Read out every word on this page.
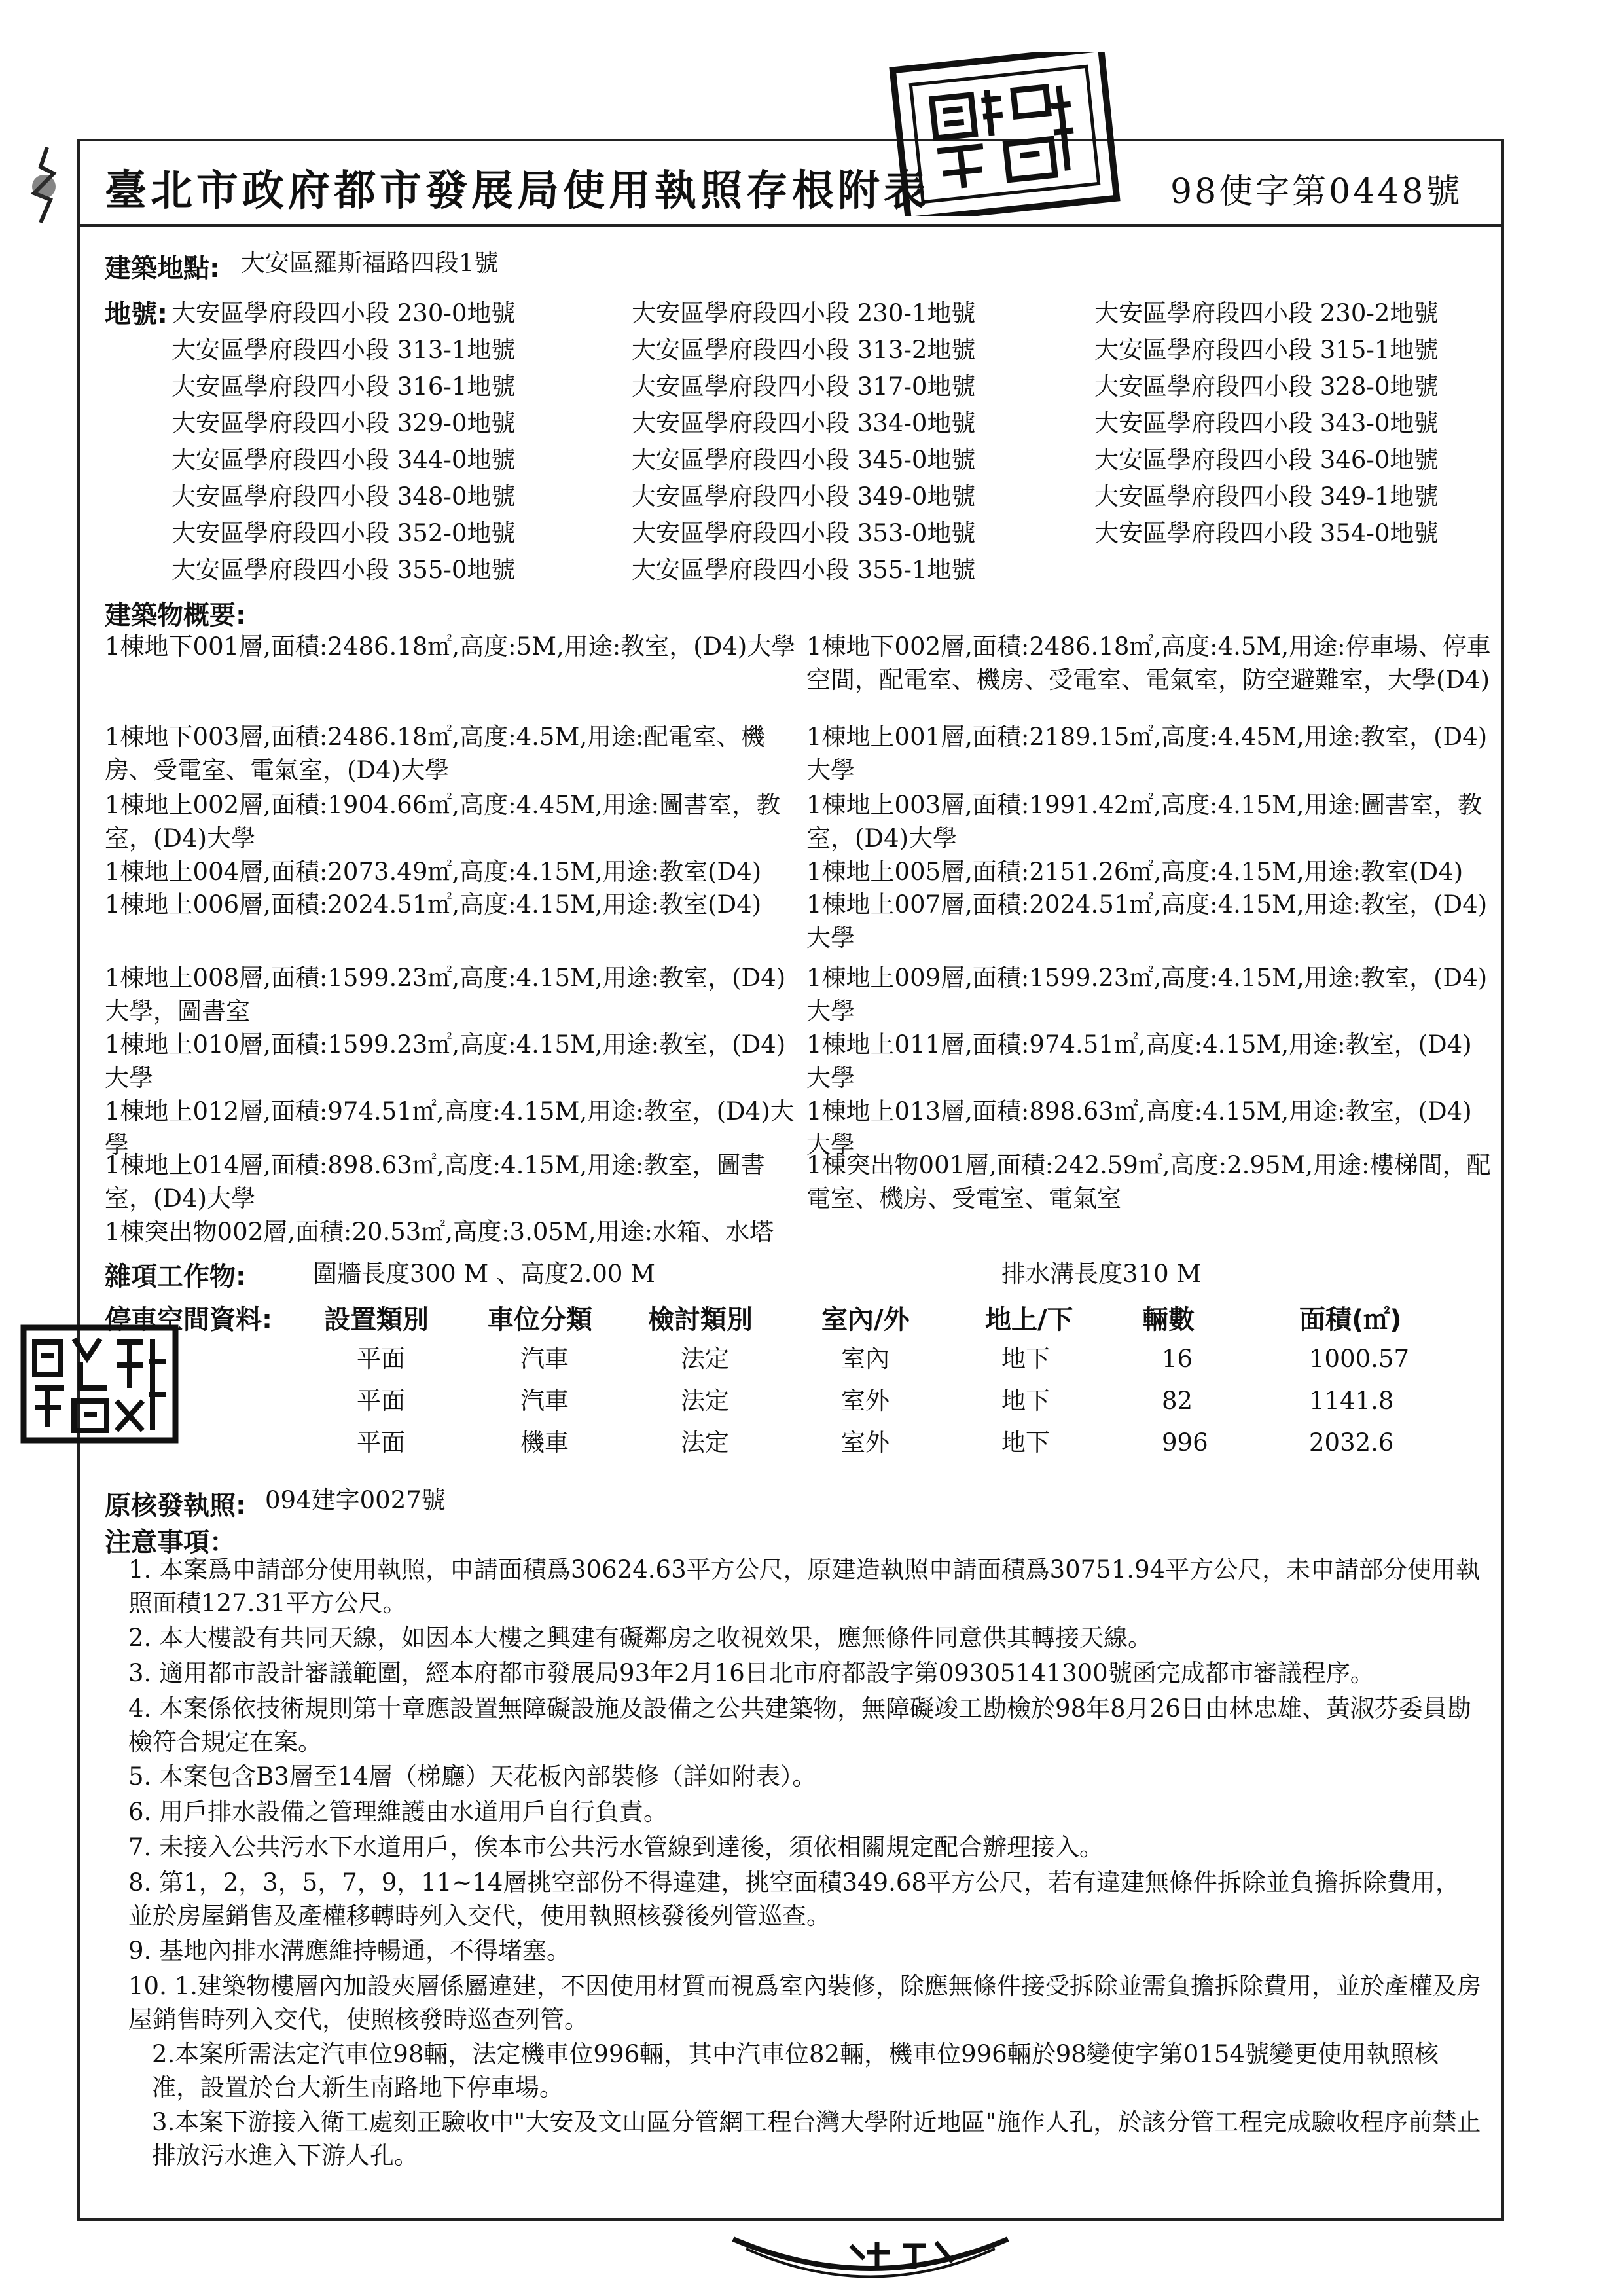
臺北市政府都市發展局使用執照存根附表	98使字第0448號
建築地點: 大安區羅斯福路四段1號
地號: 大安區學府段四小段 230-0地號	大安區學府段四小段 230-1地號	大安區學府段四小段 230-2地號
大安區學府段四小段 313-1地號	大安區學府段四小段 313-2地號	大安區學府段四小段 315-1地號
大安區學府段四小段 316-1地號	大安區學府段四小段 317-0地號	大安區學府段四小段 328-0地號
大安區學府段四小段 329-0地號	大安區學府段四小段 334-0地號	大安區學府段四小段 343-0地號
大安區學府段四小段 344-0地號	大安區學府段四小段 345-0地號	大安區學府段四小段 346-0地號
大安區學府段四小段 348-0地號	大安區學府段四小段 349-0地號	大安區學府段四小段 349-1地號
大安區學府段四小段 352-0地號	大安區學府段四小段 353-0地號	大安區學府段四小段 354-0地號
大安區學府段四小段 355-0地號	大安區學府段四小段 355-1地號
建築物概要:
1棟地下001層,面積:2486.18㎡,高度:5M,用途:教室，(D4)大學 1棟地下002層,面積:2486.18㎡,高度:4.5M,用途:停車場、停車空間，配電室、機房、受電室、電氣室，防空避難室，大學(D4)
1棟地下003層,面積:2486.18㎡,高度:4.5M,用途:配電室、機房、受電室、電氣室，(D4)大學
1棟地上001層,面積:2189.15㎡,高度:4.45M,用途:教室，(D4)大學
1棟地上002層,面積:1904.66㎡,高度:4.45M,用途:圖書室，教室，(D4)大學
1棟地上003層,面積:1991.42㎡,高度:4.15M,用途:圖書室，教室，(D4)大學
1棟地上004層,面積:2073.49㎡,高度:4.15M,用途:教室(D4)	1棟地上005層,面積:2151.26㎡,高度:4.15M,用途:教室(D4)
1棟地上006層,面積:2024.51㎡,高度:4.15M,用途:教室(D4)	1棟地上007層,面積:2024.51㎡,高度:4.15M,用途:教室，(D4)大學
1棟地上008層,面積:1599.23㎡,高度:4.15M,用途:教室，(D4)大學，圖書室
1棟地上009層,面積:1599.23㎡,高度:4.15M,用途:教室，(D4)大學
1棟地上010層,面積:1599.23㎡,高度:4.15M,用途:教室，(D4)大學
1棟地上011層,面積:974.51㎡,高度:4.15M,用途:教室，(D4)大學
1棟地上012層,面積:974.51㎡,高度:4.15M,用途:教室，(D4)大學
1棟地上013層,面積:898.63㎡,高度:4.15M,用途:教室，(D4)大學
1棟地上014層,面積:898.63㎡,高度:4.15M,用途:教室，圖書室，(D4)大學
1棟突出物001層,面積:242.59㎡,高度:2.95M,用途:樓梯間，配電室、機房、受電室、電氣室
1棟突出物002層,面積:20.53㎡,高度:3.05M,用途:水箱、水塔
雜項工作物:	圍牆長度300 M 、高度2.00 M	排水溝長度310 M
停車空間資料: 設置類別 車位分類 檢討類別	室內/外	地上/下	輛數	面積(㎡)
平面	汽車	法定	室內	地下	16	1000.57
平面	汽車	法定	室外	地下	82	1141.8
平面	機車	法定	室外	地下	996	2032.6
原核發執照: 094建字0027號
注意事項：
1. 本案爲申請部分使用執照，申請面積爲30624.63平方公尺，原建造執照申請面積爲30751.94平方公尺，未申請部分使用執照面積127.31平方公尺。
2. 本大樓設有共同天線，如因本大樓之興建有礙鄰房之收視效果，應無條件同意供其轉接天線。
3. 適用都市設計審議範圍，經本府都市發展局93年2月16日北市府都設字第09305141300號函完成都市審議程序。
4. 本案係依技術規則第十章應設置無障礙設施及設備之公共建築物，無障礙竣工勘檢於98年8月26日由林忠雄、黃淑芬委員勘檢符合規定在案。
5. 本案包含B3層至14層（梯廳）天花板內部裝修（詳如附表）。
6. 用戶排水設備之管理維護由水道用戶自行負責。
7. 未接入公共污水下水道用戶，俟本市公共污水管線到達後，須依相關規定配合辦理接入。
8. 第1，2，3，5，7，9，11~14層挑空部份不得違建，挑空面積349.68平方公尺，若有違建無條件拆除並負擔拆除費用，並於房屋銷售及產權移轉時列入交代，使用執照核發後列管巡查。
9. 基地內排水溝應維持暢通，不得堵塞。
10. 1.建築物樓層內加設夾層係屬違建，不因使用材質而視爲室內裝修，除應無條件接受拆除並需負擔拆除費用，並於產權及房屋銷售時列入交代，使照核發時巡查列管。
2.本案所需法定汽車位98輛，法定機車位996輛，其中汽車位82輛，機車位996輛於98變使字第0154號變更使用執照核准，設置於台大新生南路地下停車場。
3.本案下游接入衛工處刻正驗收中"大安及文山區分管網工程台灣大學附近地區"施作人孔，於該分管工程完成驗收程序前禁止排放污水進入下游人孔。
